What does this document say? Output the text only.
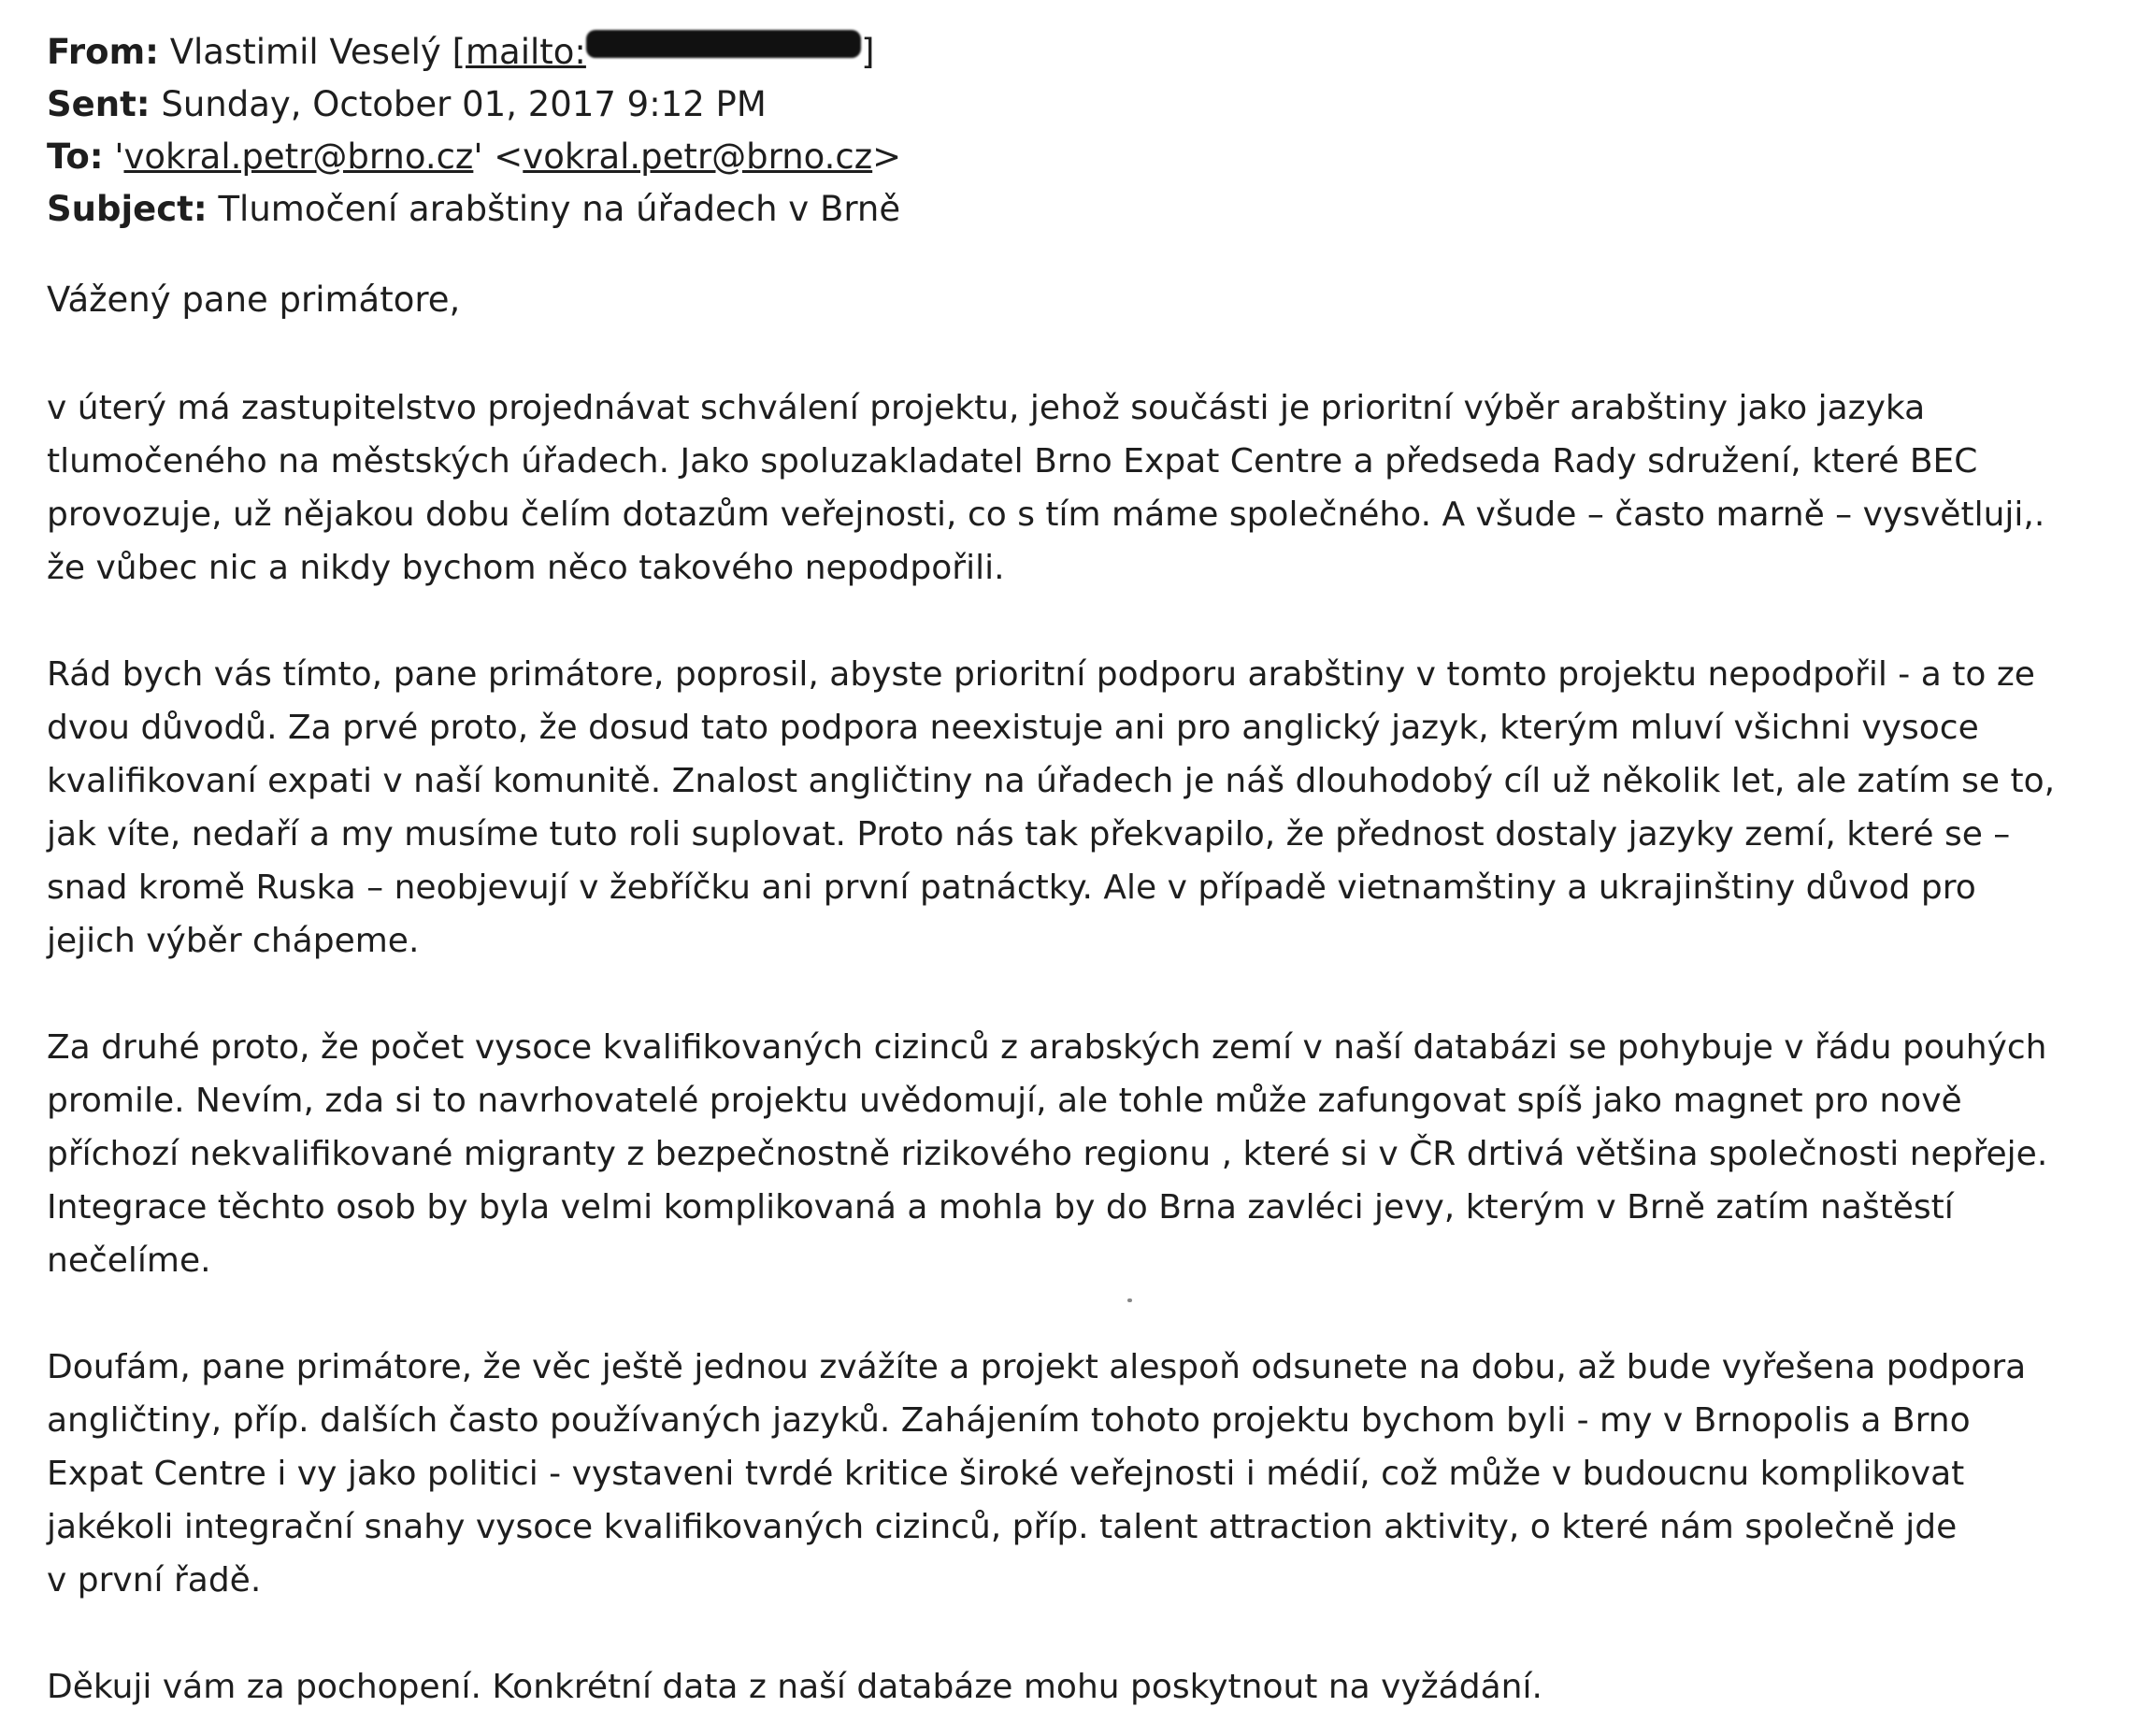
From: Vlastimil Veselý [mailto:	]
Sent: Sunday, October 01, 2017 9:12 PM
To: 'vokral.petr@brno.cz' <vokral.petr@brno.cz>
Subject: Tlumočení arabštiny na úřadech v Brně

Vážený pane primátore,

v úterý má zastupitelstvo projednávat schválení projektu, jehož součásti je prioritní výběr arabštiny jako jazyka
tlumočeného na městských úřadech. Jako spoluzakladatel Brno Expat Centre a předseda Rady sdružení, které BEC
provozuje, už nějakou dobu čelím dotazům veřejnosti, co s tím máme společného. A všude – často marně – vysvětluji,.
že vůbec nic a nikdy bychom něco takového nepodpořili.

Rád bych vás tímto, pane primátore, poprosil, abyste prioritní podporu arabštiny v tomto projektu nepodpořil - a to ze
dvou důvodů. Za prvé proto, že dosud tato podpora neexistuje ani pro anglický jazyk, kterým mluví všichni vysoce
kvalifikovaní expati v naší komunitě. Znalost angličtiny na úřadech je náš dlouhodobý cíl už několik let, ale zatím se to,
jak víte, nedaří a my musíme tuto roli suplovat. Proto nás tak překvapilo, že přednost dostaly jazyky zemí, které se –
snad kromě Ruska – neobjevují v žebříčku ani první patnáctky. Ale v případě vietnamštiny a ukrajinštiny důvod pro
jejich výběr chápeme.

Za druhé proto, že počet vysoce kvalifikovaných cizinců z arabských zemí v naší databázi se pohybuje v řádu pouhých
promile. Nevím, zda si to navrhovatelé projektu uvědomují, ale tohle může zafungovat spíš jako magnet pro nově
příchozí nekvalifikované migranty z bezpečnostně rizikového regionu , které si v ČR drtivá většina společnosti nepřeje.
Integrace těchto osob by byla velmi komplikovaná a mohla by do Brna zavléci jevy, kterým v Brně zatím naštěstí
nečelíme.

Doufám, pane primátore, že věc ještě jednou zvážíte a projekt alespoň odsunete na dobu, až bude vyřešena podpora
angličtiny, příp. dalších často používaných jazyků. Zahájením tohoto projektu bychom byli - my v Brnopolis a Brno
Expat Centre i vy jako politici - vystaveni tvrdé kritice široké veřejnosti i médií, což může v budoucnu komplikovat
jakékoli integrační snahy vysoce kvalifikovaných cizinců, příp. talent attraction aktivity, o které nám společně jde
v první řadě.

Děkuji vám za pochopení. Konkrétní data z naší databáze mohu poskytnout na vyžádání.
